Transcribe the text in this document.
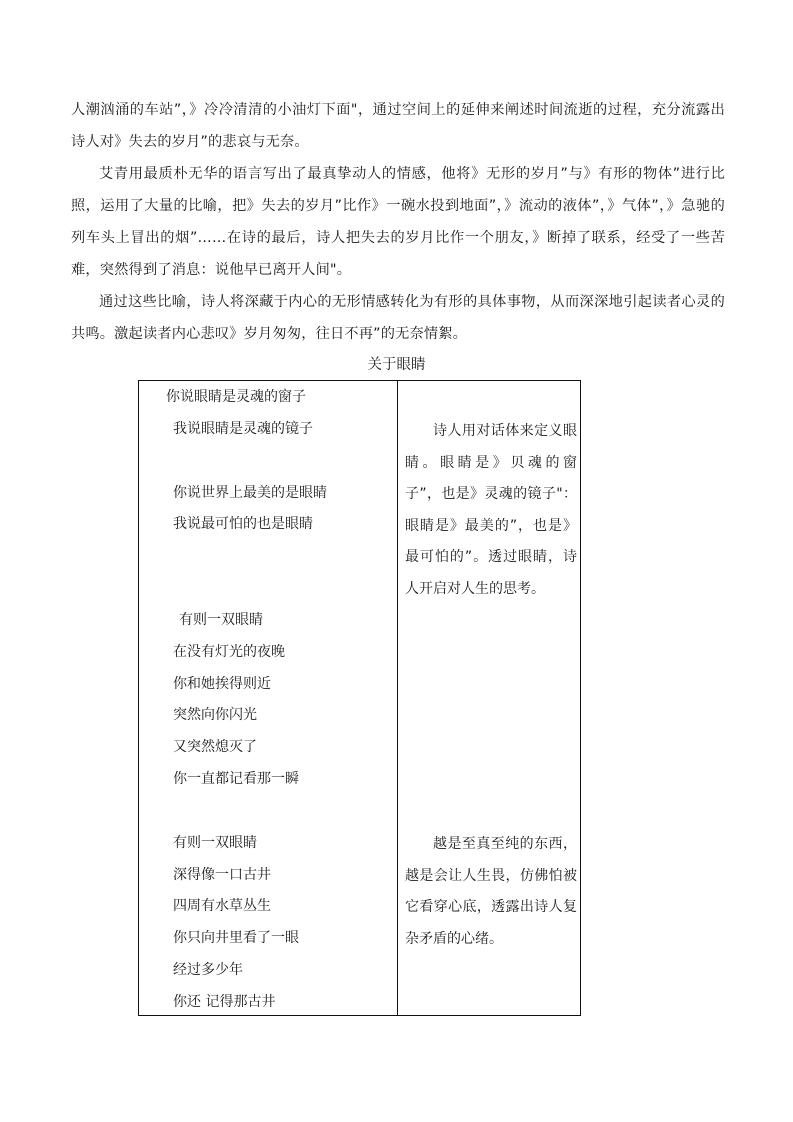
人潮汹涌的车站”，》冷冷清清的小油灯下面"，通过空间上的延伸来阐述时间流逝的过程，充分流露出诗人对》失去的岁月”的悲哀与无奈。

艾青用最质朴无华的语言写出了最真挚动人的情感，他将》无形的岁月”与》有形的物体”进行比照，运用了大量的比喻，把》失去的岁月”比作》一碗水投到地面”，》流动的液体”，》气体”，》急驰的列车头上冒出的烟”……在诗的最后，诗人把失去的岁月比作一个朋友，》断掉了联系，经受了一些苦难，突然得到了消息：说他早已离开人间"。

通过这些比喻，诗人将深藏于内心的无形情感转化为有形的具体事物，从而深深地引起读者心灵的共鸣。激起读者内心悲叹》岁月匆匆，往日不再”的无奈情絮。

关于眼睛
你说眼睛是灵魂的窗子
我说眼睛是灵魂的镜子
你说世界上最美的是眼睛
我说最可怕的也是眼睛
有则一双眼睛
在没有灯光的夜晚
你和她挨得则近
突然向你闪光
又突然熄灭了
你一直都记看那一瞬
有则一双眼睛
深得像一口古井
四周有水草丛生
你只向井里看了一眼
经过多少年
你还 记得那古井

诗人用对话体来定义眼睛。眼睛是》贝魂的窗子”，也是》灵魂的镜子"：眼睛是》最美的”，也是》最可怕的”。透过眼睛，诗人开启对人生的思考。

越是至真至纯的东西，越是会让人生畏，仿佛怕被它看穿心底，透露出诗人复杂矛盾的心绪。
